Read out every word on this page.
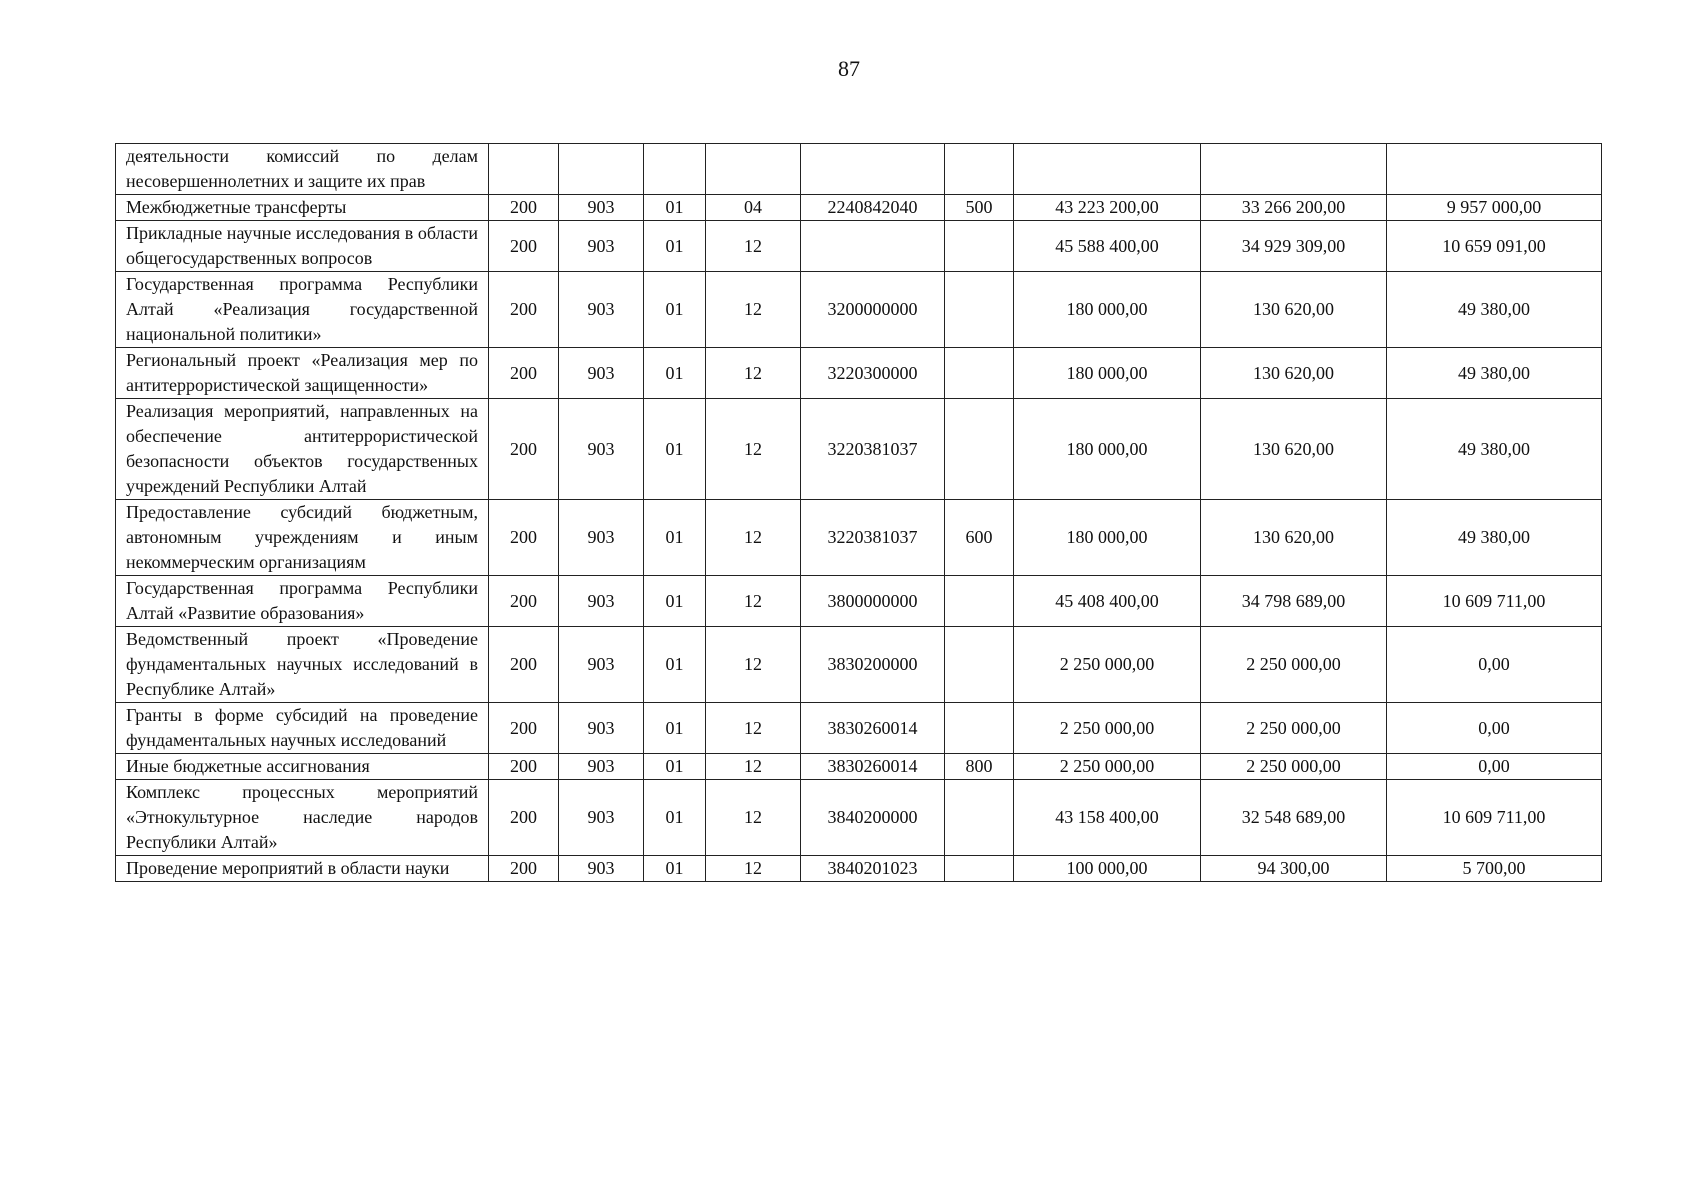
87
деятельности комиссий по делам несовершеннолетних и защите их прав									
Межбюджетные трансферты	200	903	01	04	2240842040	500	43 223 200,00	33 266 200,00	9 957 000,00
Прикладные научные исследования в области общегосударственных вопросов	200	903	01	12			45 588 400,00	34 929 309,00	10 659 091,00
Государственная программа Республики Алтай «Реализация государственной национальной политики»	200	903	01	12	3200000000		180 000,00	130 620,00	49 380,00
Региональный проект «Реализация мер по антитеррористической защищенности»	200	903	01	12	3220300000		180 000,00	130 620,00	49 380,00
Реализация мероприятий, направленных на обеспечение антитеррористической безопасности объектов государственных учреждений Республики Алтай	200	903	01	12	3220381037		180 000,00	130 620,00	49 380,00
Предоставление субсидий бюджетным, автономным учреждениям и иным некоммерческим организациям	200	903	01	12	3220381037	600	180 000,00	130 620,00	49 380,00
Государственная программа Республики Алтай «Развитие образования»	200	903	01	12	3800000000		45 408 400,00	34 798 689,00	10 609 711,00
Ведомственный проект «Проведение фундаментальных научных исследований в Республике Алтай»	200	903	01	12	3830200000		2 250 000,00	2 250 000,00	0,00
Гранты в форме субсидий на проведение фундаментальных научных исследований	200	903	01	12	3830260014		2 250 000,00	2 250 000,00	0,00
Иные бюджетные ассигнования	200	903	01	12	3830260014	800	2 250 000,00	2 250 000,00	0,00
Комплекс процессных мероприятий «Этнокультурное наследие народов Республики Алтай»	200	903	01	12	3840200000		43 158 400,00	32 548 689,00	10 609 711,00
Проведение мероприятий в области науки	200	903	01	12	3840201023		100 000,00	94 300,00	5 700,00
